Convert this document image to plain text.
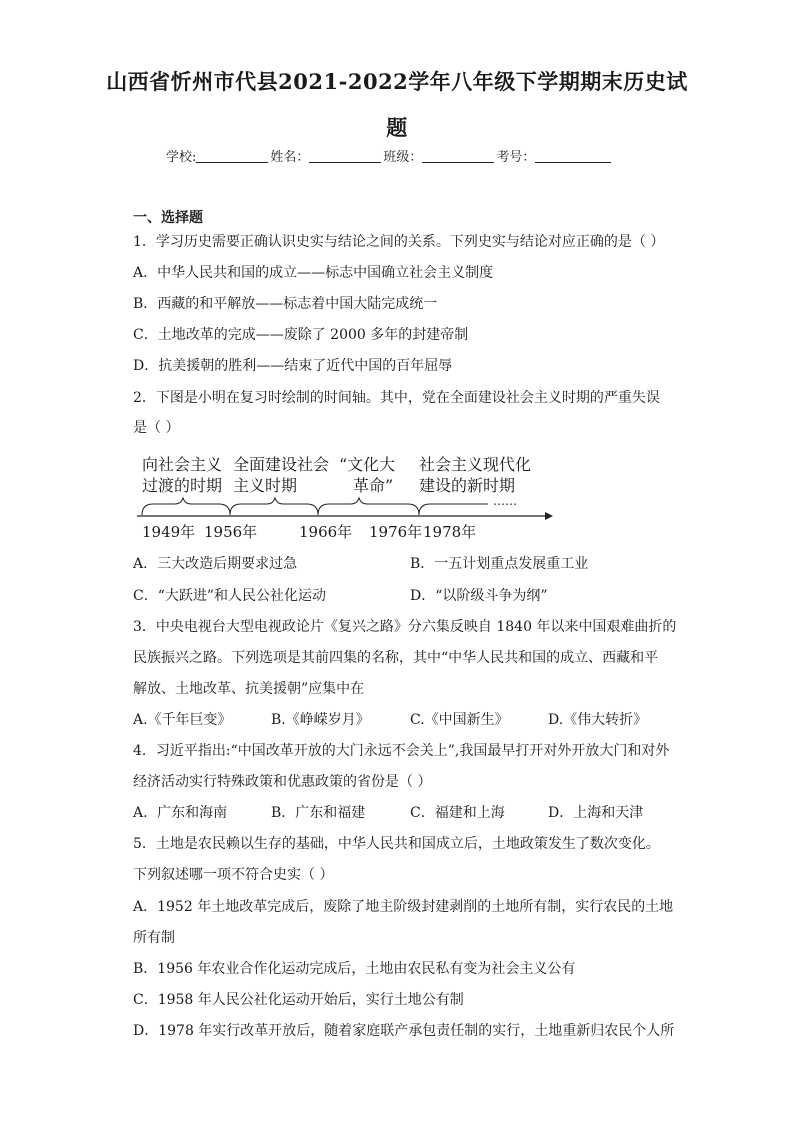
山西省忻州市代县2021-2022学年八年级下学期期末历史试
题
学校:	姓名：	班级：	考号：
一、选择题
1．学习历史需要正确认识史实与结论之间的关系。下列史实与结论对应正确的是（ ）
A．中华人民共和国的成立——标志中国确立社会主义制度
B．西藏的和平解放——标志着中国大陆完成统一
C．土地改革的完成——废除了 2000 多年的封建帝制
D．抗美援朝的胜利——结束了近代中国的百年屈辱
2．下图是小明在复习时绘制的时间轴。其中，党在全面建设社会主义时期的严重失误
是（ ）
向社会主义
过渡的时期
全面建设社会
主义时期
“文化大
革命”
社会主义现代化
建设的新时期
……
1949年 1956年	1966年 1976年 1978年
A．三大改造后期要求过急	B．一五计划重点发展重工业
C．“大跃进”和人民公社化运动	D．“以阶级斗争为纲”
3．中央电视台大型电视政论片《复兴之路》分六集反映自 1840 年以来中国艰难曲折的
民族振兴之路。下列选项是其前四集的名称，其中“中华人民共和国的成立、西藏和平
解放、土地改革、抗美援朝”应集中在
A.《千年巨变》	B.《峥嵘岁月》	C.《中国新生》	D.《伟大转折》
4．习近平指出:“中国改革开放的大门永远不会关上”,我国最早打开对外开放大门和对外
经济活动实行特殊政策和优惠政策的省份是（ ）
A．广东和海南	B．广东和福建	C．福建和上海	D．上海和天津
5．土地是农民赖以生存的基础，中华人民共和国成立后，土地政策发生了数次变化。
下列叙述哪一项不符合史实（ ）
A．1952 年土地改革完成后，废除了地主阶级封建剥削的土地所有制，实行农民的土地
所有制
B．1956 年农业合作化运动完成后，土地由农民私有变为社会主义公有
C．1958 年人民公社化运动开始后，实行土地公有制
D．1978 年实行改革开放后，随着家庭联产承包责任制的实行，土地重新归农民个人所
